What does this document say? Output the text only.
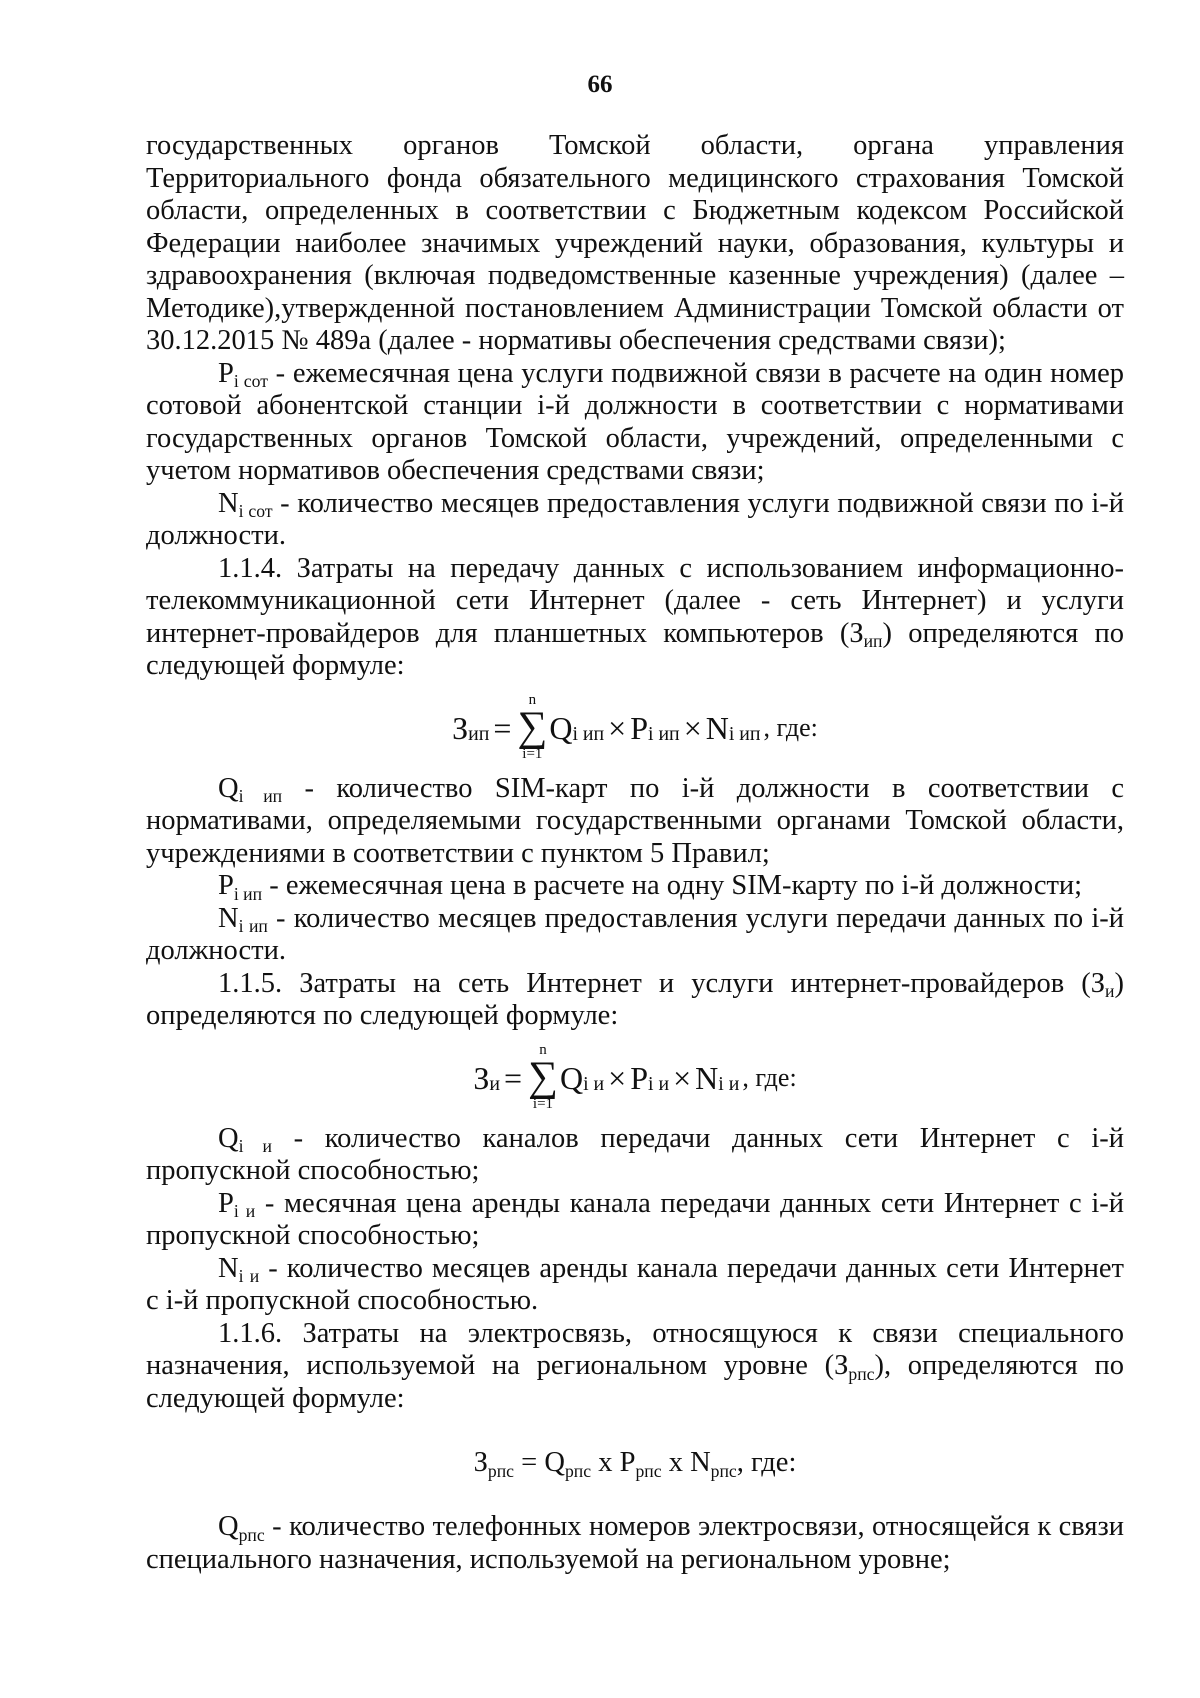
66

государственных органов Томской области, органа управления Территориального фонда обязательного медицинского страхования Томской области, определенных в соответствии с Бюджетным кодексом Российской Федерации наиболее значимых учреждений науки, образования, культуры и здравоохранения (включая подведомственные казенные учреждения) (далее – Методике),утвержденной постановлением Администрации Томской области от 30.12.2015 № 489а (далее - нормативы обеспечения средствами связи);

Pi сот - ежемесячная цена услуги подвижной связи в расчете на один номер сотовой абонентской станции i-й должности в соответствии с нормативами государственных органов Томской области, учреждений, определенными с учетом нормативов обеспечения средствами связи;

Ni сот - количество месяцев предоставления услуги подвижной связи по i-й должности.

1.1.4. Затраты на передачу данных с использованием информационно-телекоммуникационной сети Интернет (далее - сеть Интернет) и услуги интернет-провайдеров для планшетных компьютеров (Зип) определяются по следующей формуле:

З ип =
n
∑
i=1
Q i ип × P i ип × N i ип , где:

Qi ип - количество SIM-карт по i-й должности в соответствии с нормативами, определяемыми государственными органами Томской области, учреждениями в соответствии с пунктом 5 Правил;

Pi ип - ежемесячная цена в расчете на одну SIM-карту по i-й должности;

Ni ип - количество месяцев предоставления услуги передачи данных по i-й должности.

1.1.5. Затраты на сеть Интернет и услуги интернет-провайдеров (Зи) определяются по следующей формуле:

З и =
n
∑
i=1
Q i и × P i и × N i и , где:

Qi и - количество каналов передачи данных сети Интернет с i-й пропускной способностью;

Pi и - месячная цена аренды канала передачи данных сети Интернет с i-й пропускной способностью;

Ni и - количество месяцев аренды канала передачи данных сети Интернет с i-й пропускной способностью.

1.1.6. Затраты на электросвязь, относящуюся к связи специального назначения, используемой на региональном уровне (Зрпс), определяются по следующей формуле:

Зрпс = Qрпс x Pрпс x Nрпс, где:

Qрпс - количество телефонных номеров электросвязи, относящейся к связи специального назначения, используемой на региональном уровне;
